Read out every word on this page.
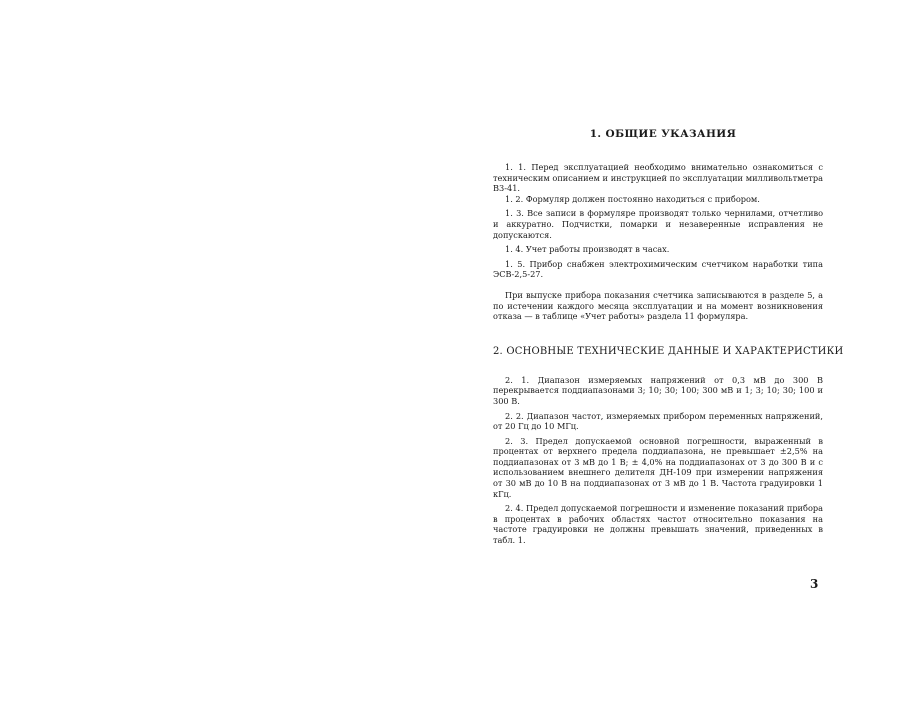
1. ОБЩИЕ УКАЗАНИЯ

1. 1. Перед эксплуатацией необходимо внимательно ознакомиться с техническим описанием и инструкцией по эксплуатации милливольтметра В3-41.

1. 2. Формуляр должен постоянно находиться с прибором.

1. 3. Все записи в формуляре производят только чернилами, отчетливо и аккуратно. Подчистки, помарки и незаверенные исправления не допускаются.

1. 4. Учет работы производят в часах.

1. 5. Прибор снабжен электрохимическим счетчиком наработки типа ЭСВ-2,5-27.

При выпуске прибора показания счетчика записываются в разделе 5, а по истечении каждого месяца эксплуатации и на момент возникновения отказа — в таблице «Учет работы» раздела 11 формуляра.

2. ОСНОВНЫЕ ТЕХНИЧЕСКИЕ ДАННЫЕ И ХАРАКТЕРИСТИКИ

2. 1. Диапазон измеряемых напряжений от 0,3 мВ до 300 В перекрывается поддиапазонами 3; 10; 30; 100; 300 мВ и 1; 3; 10; 30; 100 и 300 В.

2. 2. Диапазон частот, измеряемых прибором переменных напряжений, от 20 Гц до 10 МГц.

2. 3. Предел допускаемой основной погрешности, выраженный в процентах от верхнего предела поддиапазона, не превышает ±2,5% на поддиапазонах от 3 мВ до 1 В; ± 4,0% на поддиапазонах от 3 до 300 В и с использованием внешнего делителя ДН-109 при измерении напряжения от 30 мВ до 10 В на поддиапазонах от 3 мВ до 1 В. Частота градуировки 1 кГц.

2. 4. Предел допускаемой погрешности и изменение показаний прибора в процентах в рабочих областях частот относительно показания на частоте градуировки не должны превышать значений, приведенных в табл. 1.

3
